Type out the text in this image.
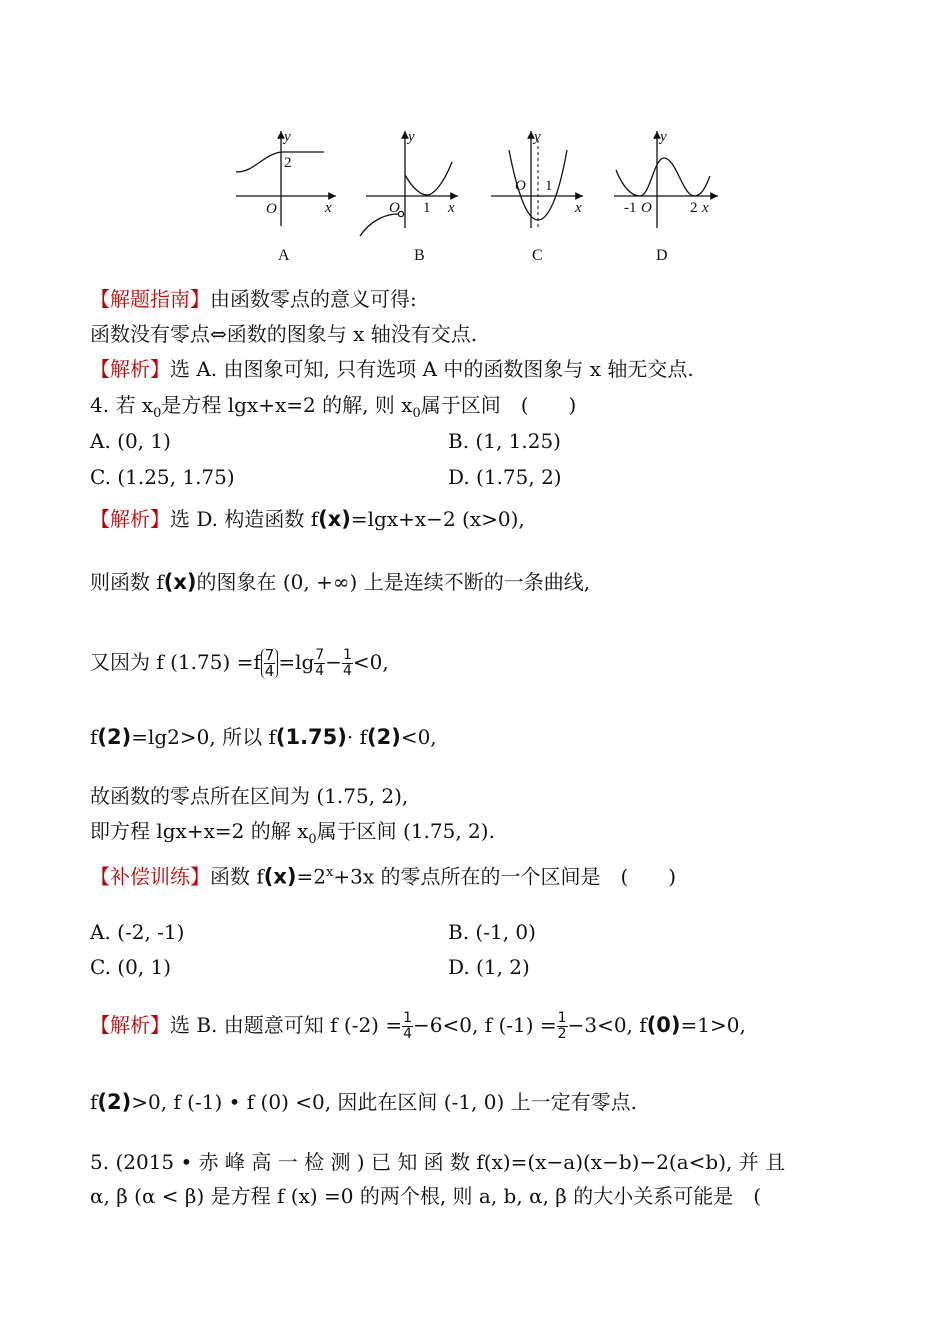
y
2
O	x
y
O 1 x
y
O 1
x
y
-1 O	2 x
A	B	C	D
【解题指南】由函数零点的意义可得:
函数没有零点⇔函数的图象与 x 轴没有交点.
【解析】选 A. 由图象可知, 只有选项 A 中的函数图象与 x 轴无交点.
4. 若 $x_0$是方程 lgx+x=2 的解, 则 $x_0$属于区间　(　　)
A. (0, 1)	B. (1, 1.25)
C. (1.25, 1.75)	D. (1.75, 2)
【解析】选 D. 构造函数 f(x)=lgx+x−2 (x>0),
则函数 f(x)的图象在 (0, +∞) 上是连续不断的一条曲线,
又因为 f $(1.75) =f \frac{7}{4} =\lg \frac{7}{4} - \frac{1}{4} <0$,
f(2)=lg2>0, 所以 f(1.75)· f(2)<0,
故函数的零点所在区间为 (1.75, 2),
即方程 lgx+x=2 的解 $x_0$属于区间 (1.75, 2).
【补偿训练】函数 $f(x)=2^x+3x$ 的零点所在的一个区间是　(　　)
A. (-2, -1)	B. (-1, 0)
C. (0, 1)	D. (1, 2)
【解析】选 B. 由题意可知 f $(-2) = \frac{1}{4} -6<0$, f $(-1) = \frac{1}{2} -3<0$, f(0)=1>0,
f(2)>0, f (-1) • f (0) <0, 因此在区间 (-1, 0) 上一定有零点.
5. (2015 • 赤 峰 高 一 检 测 ) 已 知 函 数 f(x)=(x−a)(x−b)−2(a<b), 并 且
α, β (α < β) 是方程 f (x) =0 的两个根, 则 a, b, α, β 的大小关系可能是　(
